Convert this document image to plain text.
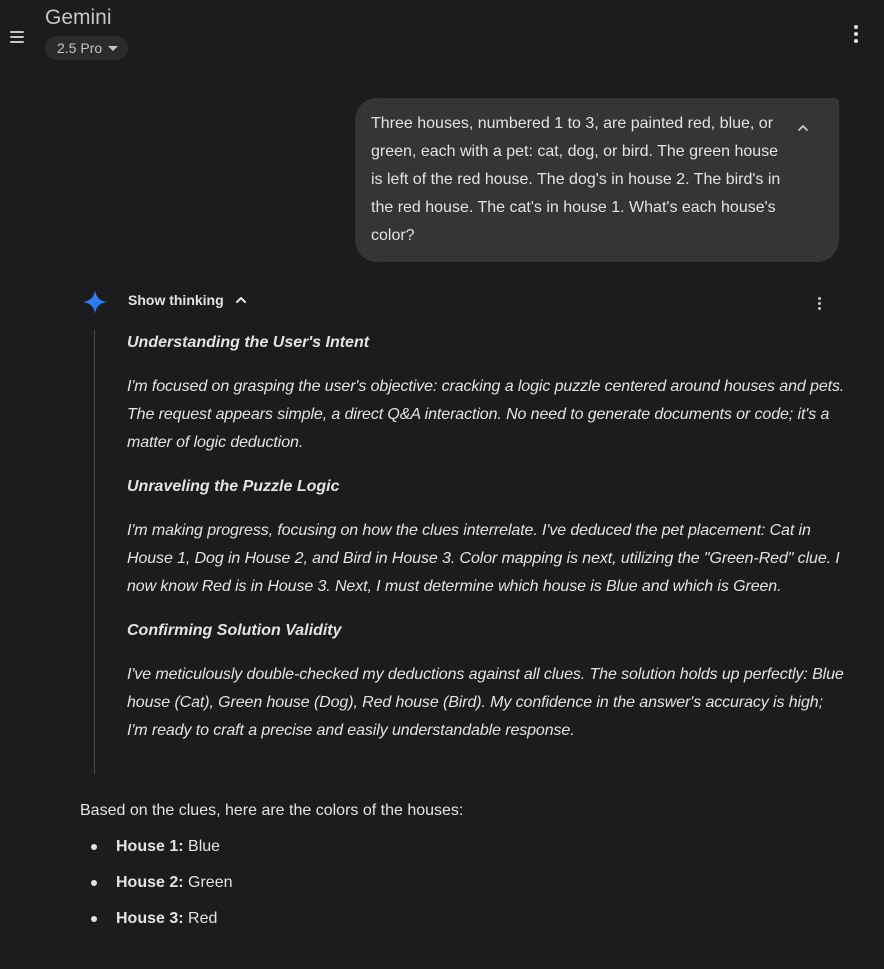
Gemini
2.5 Pro
Three houses, numbered 1 to 3, are painted red, blue, or green, each with a pet: cat, dog, or bird. The green house is left of the red house. The dog's in house 2. The bird's in the red house. The cat's in house 1. What's each house's color?
Show thinking
Understanding the User's Intent

I'm focused on grasping the user's objective: cracking a logic puzzle centered around houses and pets. The request appears simple, a direct Q&A interaction. No need to generate documents or code; it's a matter of logic deduction.

Unraveling the Puzzle Logic

I'm making progress, focusing on how the clues interrelate. I've deduced the pet placement: Cat in House 1, Dog in House 2, and Bird in House 3. Color mapping is next, utilizing the "Green-Red" clue. I now know Red is in House 3. Next, I must determine which house is Blue and which is Green.

Confirming Solution Validity

I've meticulously double-checked my deductions against all clues. The solution holds up perfectly: Blue house (Cat), Green house (Dog), Red house (Bird). My confidence in the answer's accuracy is high; I'm ready to craft a precise and easily understandable response.

Based on the clues, here are the colors of the houses:

House 1: Blue
House 2: Green
House 3: Red
